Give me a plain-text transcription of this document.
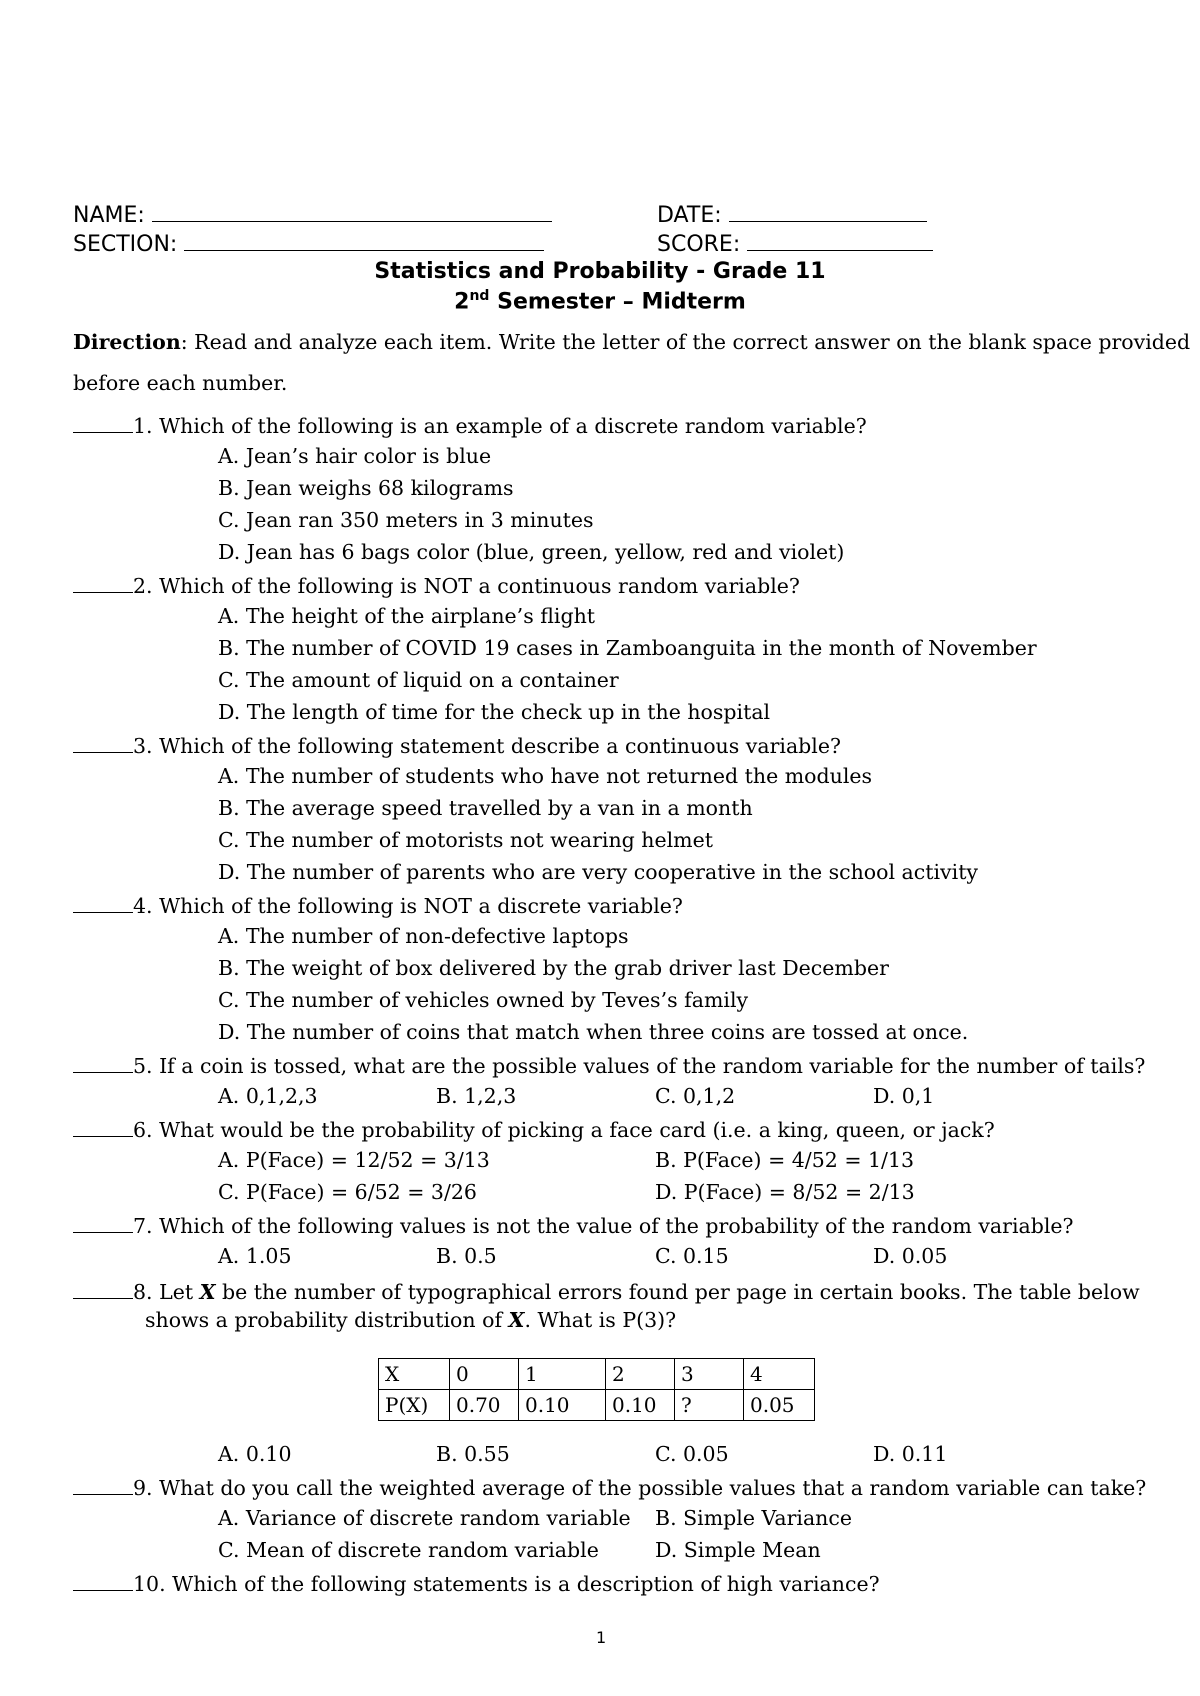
NAME:	DATE:
SECTION:	SCORE:
Statistics and Probability - Grade 11
2nd Semester – Midterm
Direction: Read and analyze each item. Write the letter of the correct answer on the blank space provided
before each number.
1. Which of the following is an example of a discrete random variable?
A. Jean’s hair color is blue
B. Jean weighs 68 kilograms
C. Jean ran 350 meters in 3 minutes
D. Jean has 6 bags color (blue, green, yellow, red and violet)
2. Which of the following is NOT a continuous random variable?
A. The height of the airplane’s flight
B. The number of COVID 19 cases in Zamboanguita in the month of November
C. The amount of liquid on a container
D. The length of time for the check up in the hospital
3. Which of the following statement describe a continuous variable?
A. The number of students who have not returned the modules
B. The average speed travelled by a van in a month
C. The number of motorists not wearing helmet
D. The number of parents who are very cooperative in the school activity
4. Which of the following is NOT a discrete variable?
A. The number of non-defective laptops
B. The weight of box delivered by the grab driver last December
C. The number of vehicles owned by Teves’s family
D. The number of coins that match when three coins are tossed at once.
5. If a coin is tossed, what are the possible values of the random variable for the number of tails?
A. 0,1,2,3	B. 1,2,3	C. 0,1,2	D. 0,1
6. What would be the probability of picking a face card (i.e. a king, queen, or jack?
A. P(Face) = 12/52 = 3/13	B. P(Face) = 4/52 = 1/13
C. P(Face) = 6/52 = 3/26	D. P(Face) = 8/52 = 2/13
7. Which of the following values is not the value of the probability of the random variable?
A. 1.05	B. 0.5	C. 0.15	D. 0.05
8. Let X be the number of typographical errors found per page in certain books. The table below
shows a probability distribution of X. What is P(3)?
X	0	1	2	3	4
P(X)	0.70	0.10	0.10	?	0.05
A. 0.10	B. 0.55	C. 0.05	D. 0.11
9. What do you call the weighted average of the possible values that a random variable can take?
A. Variance of discrete random variable B. Simple Variance
C. Mean of discrete random variable	D. Simple Mean
10. Which of the following statements is a description of high variance?
1
